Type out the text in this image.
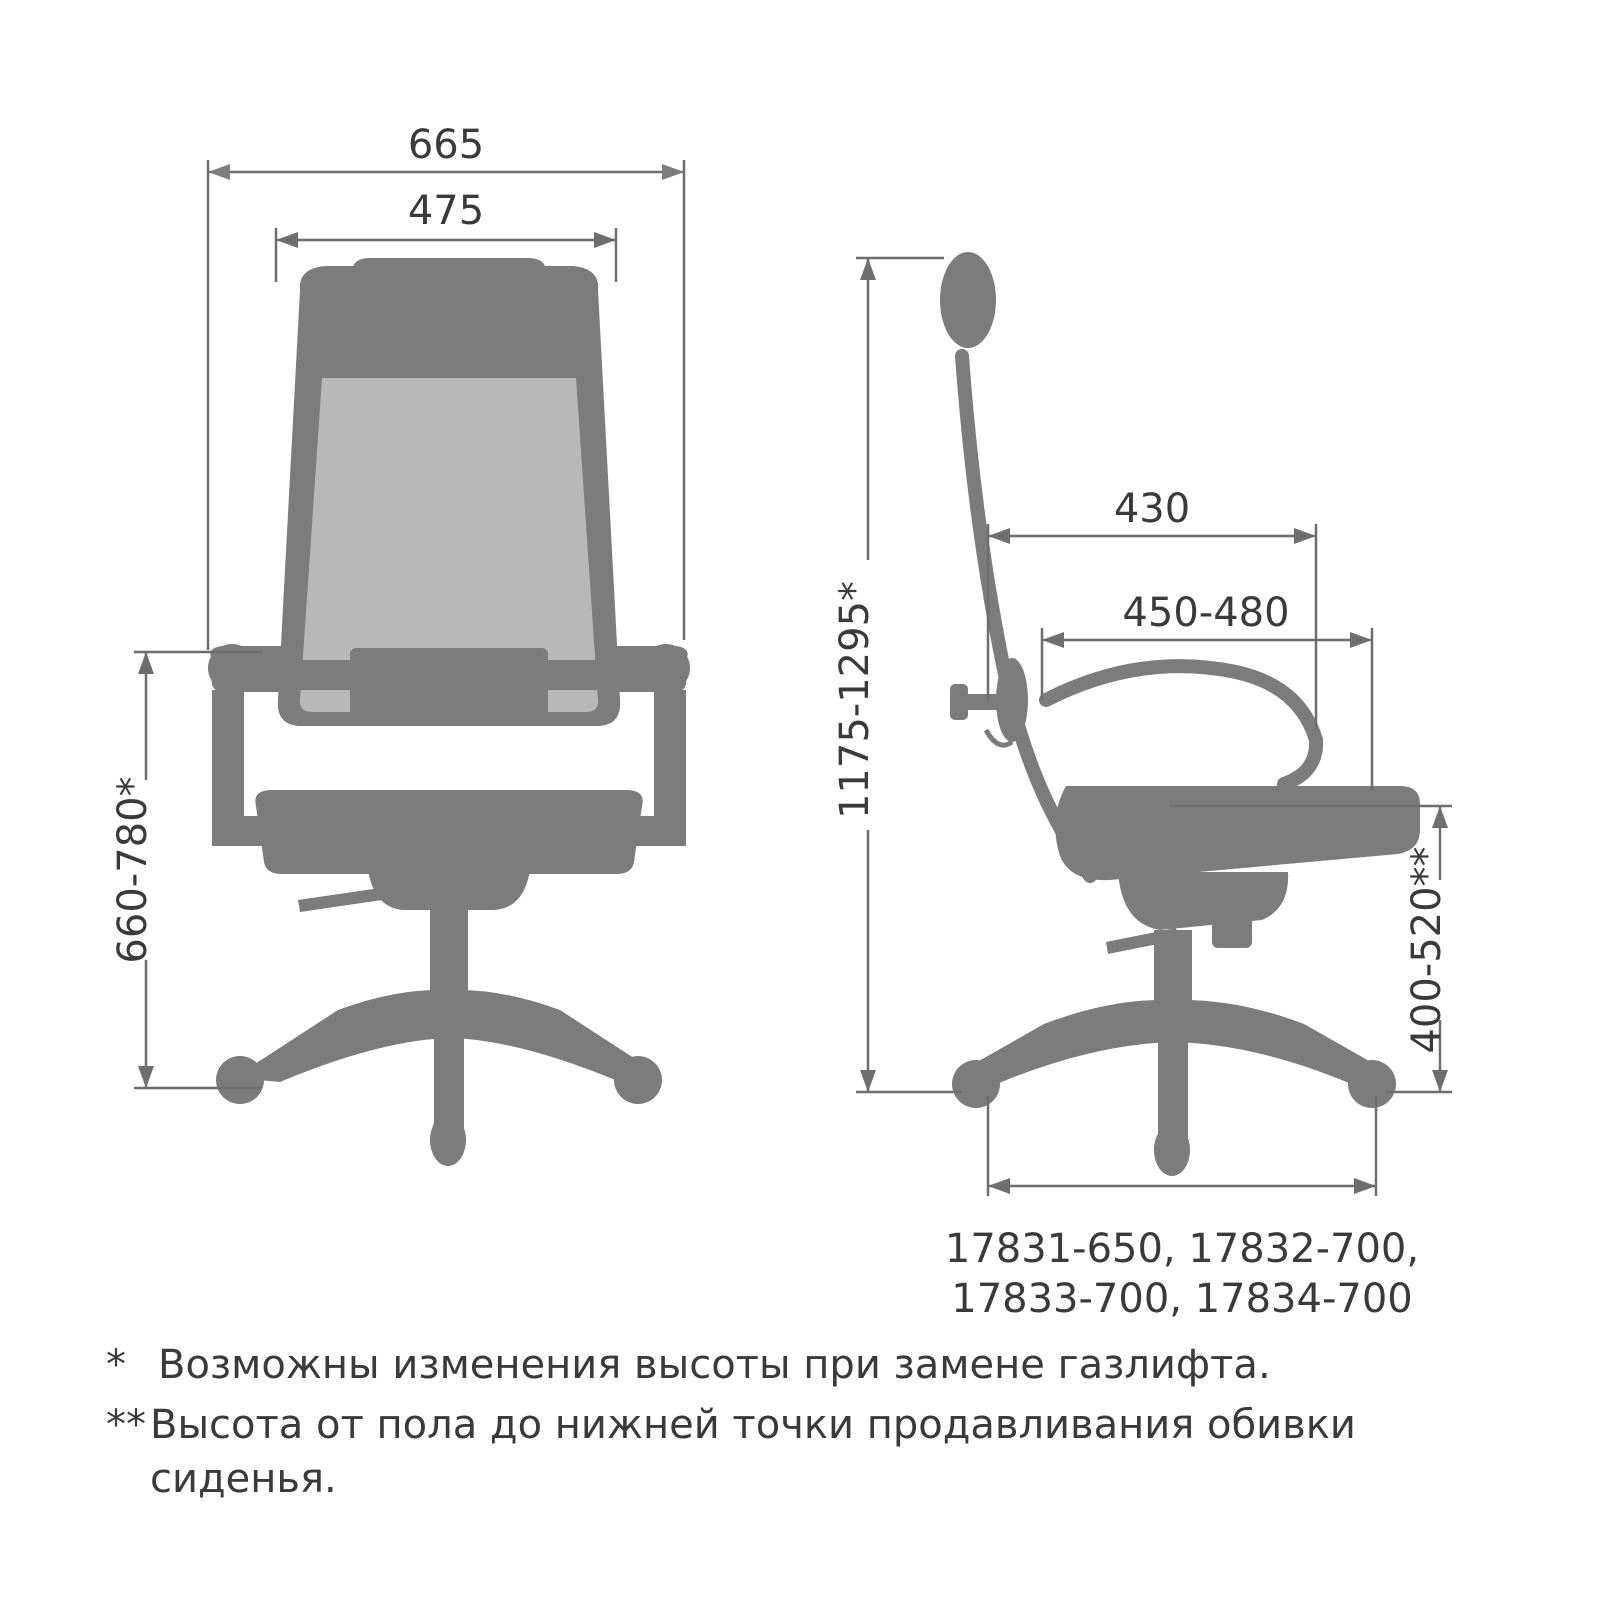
665
475
660-780*
1175-1295*
430
450-480
400-520**
17831-650, 17832-700,
17833-700, 17834-700
* Возможны изменения высоты при замене газлифта.
** Высота от пола до нижней точки продавливания обивки
сиденья.
